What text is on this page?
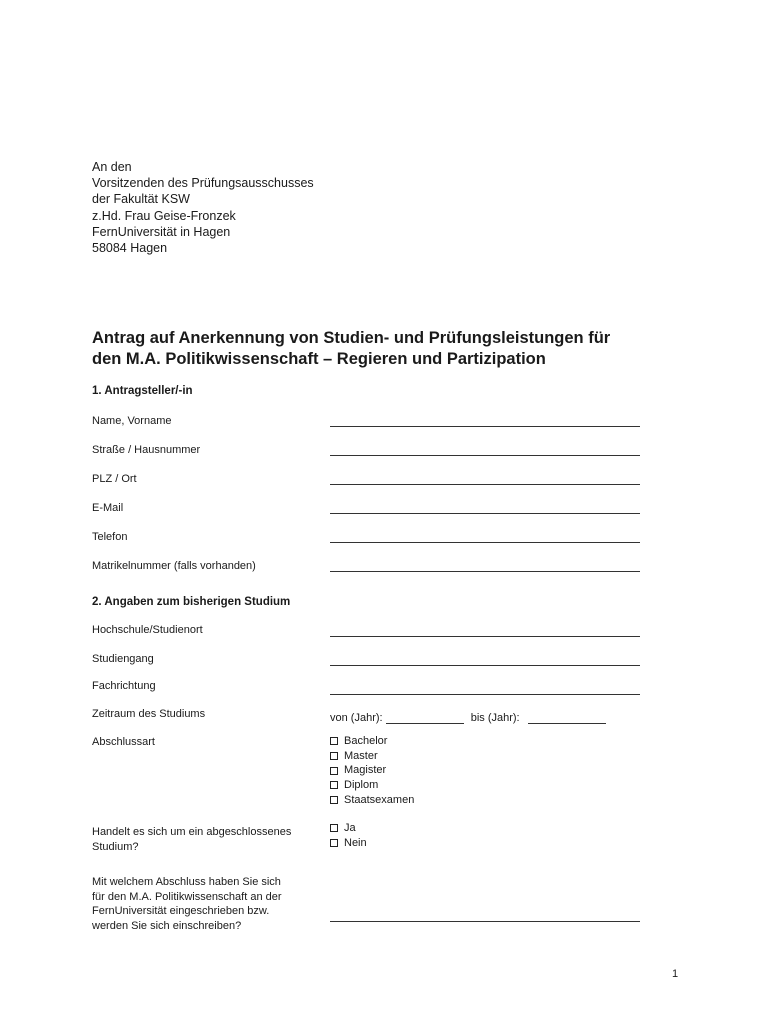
An den
Vorsitzenden des Prüfungsausschusses
der Fakultät KSW
z.Hd. Frau Geise-Fronzek
FernUniversität in Hagen
58084 Hagen
Antrag auf Anerkennung von Studien- und Prüfungsleistungen für
den M.A. Politikwissenschaft – Regieren und Partizipation
1. Antragsteller/-in
Name, Vorname
Straße / Hausnummer
PLZ / Ort
E-Mail
Telefon
Matrikelnummer (falls vorhanden)
2. Angaben zum bisherigen Studium
Hochschule/Studienort
Studiengang
Fachrichtung
Zeitraum des Studiums	von (Jahr):	bis (Jahr):
Abschlussart	Bachelor
Master
Magister
Diplom
Staatsexamen
Handelt es sich um ein abgeschlossenes
Studium?
Ja
Nein
Mit welchem Abschluss haben Sie sich
für den M.A. Politikwissenschaft an der
FernUniversität eingeschrieben bzw.
werden Sie sich einschreiben?
1
